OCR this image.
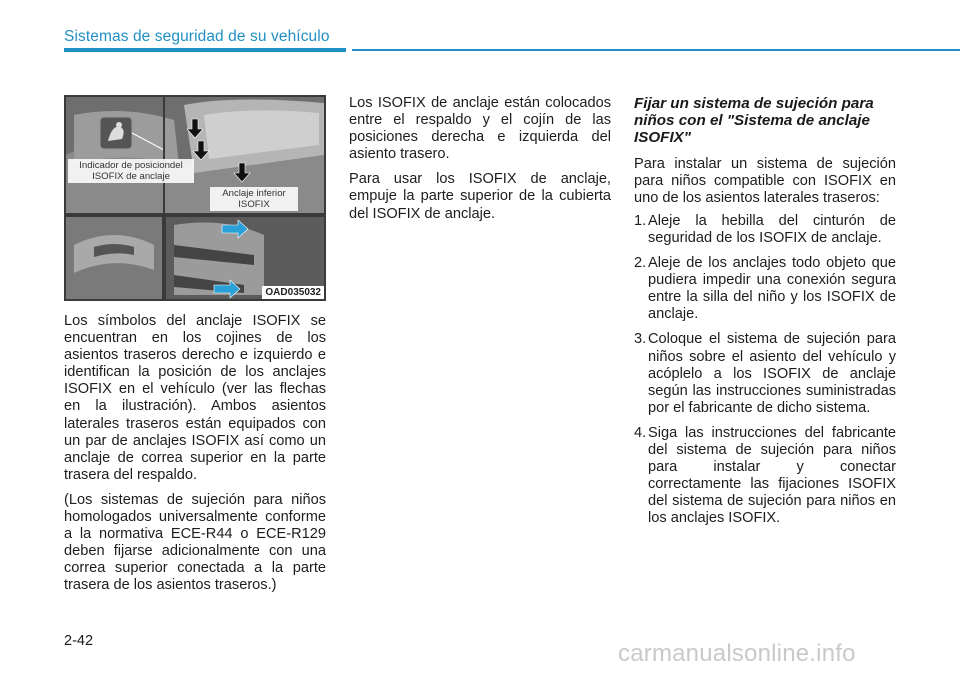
Sistemas de seguridad de su vehículo
Indicador de posiciondel ISOFIX de anclaje
Anclaje inferior ISOFIX
OAD035032

Los símbolos del anclaje ISOFIX se encuentran en los cojines de los asientos traseros derecho e izquierdo e identifican la posición de los anclajes ISOFIX en el vehículo (ver las flechas en la ilustración). Ambos asientos laterales traseros están equipados con un par de anclajes ISOFIX así como un anclaje de correa superior en la parte trasera del respaldo.

(Los sistemas de sujeción para niños homologados universalmente conforme a la normativa ECE-R44 o ECE-R129 deben fijarse adicionalmente con una correa superior conectada a la parte trasera de los asientos traseros.)

Los ISOFIX de anclaje están colocados entre el respaldo y el cojín de las posiciones derecha e izquierda del asiento trasero.

Para usar los ISOFIX de anclaje, empuje la parte superior de la cubierta del ISOFIX de anclaje.

Fijar un sistema de sujeción para niños con el "Sistema de anclaje ISOFIX"

Para instalar un sistema de sujeción para niños compatible con ISOFIX en uno de los asientos laterales traseros:

1. Aleje la hebilla del cinturón de seguridad de los ISOFIX de anclaje.
2. Aleje de los anclajes todo objeto que pudiera impedir una conexión segura entre la silla del niño y los ISOFIX de anclaje.
3. Coloque el sistema de sujeción para niños sobre el asiento del vehículo y acóplelo a los ISOFIX de anclaje según las instrucciones suministradas por el fabricante de dicho sistema.
4. Siga las instrucciones del fabricante del sistema de sujeción para niños para instalar y conectar correctamente las fijaciones ISOFIX del sistema de sujeción para niños en los anclajes ISOFIX.
2-42	carmanualsonline.info
